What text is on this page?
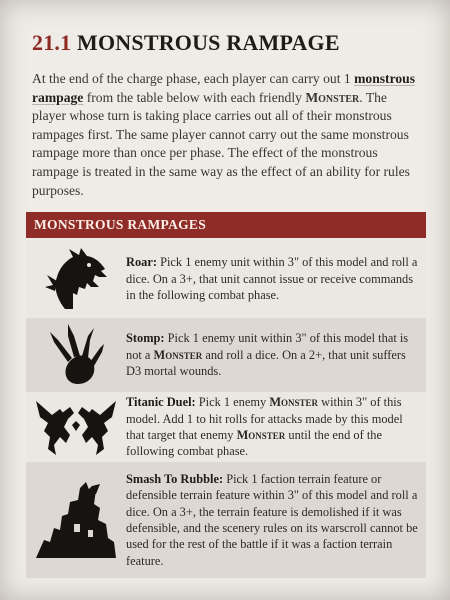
21.1 MONSTROUS RAMPAGE
At the end of the charge phase, each player can carry out 1 monstrous rampage from the table below with each friendly Monster. The player whose turn is taking place carries out all of their monstrous rampages first. The same player cannot carry out the same monstrous rampage more than once per phase. The effect of the monstrous rampage is treated in the same way as the effect of an ability for rules purposes.
MONSTROUS RAMPAGES
Roar: Pick 1 enemy unit within 3" of this model and roll a dice. On a 3+, that unit cannot issue or receive commands in the following combat phase.
Stomp: Pick 1 enemy unit within 3" of this model that is not a Monster and roll a dice. On a 2+, that unit suffers D3 mortal wounds.
Titanic Duel: Pick 1 enemy Monster within 3" of this model. Add 1 to hit rolls for attacks made by this model that target that enemy Monster until the end of the following combat phase.
Smash To Rubble: Pick 1 faction terrain feature or defensible terrain feature within 3" of this model and roll a dice. On a 3+, the terrain feature is demolished if it was defensible, and the scenery rules on its warscroll cannot be used for the rest of the battle if it was a faction terrain feature.
